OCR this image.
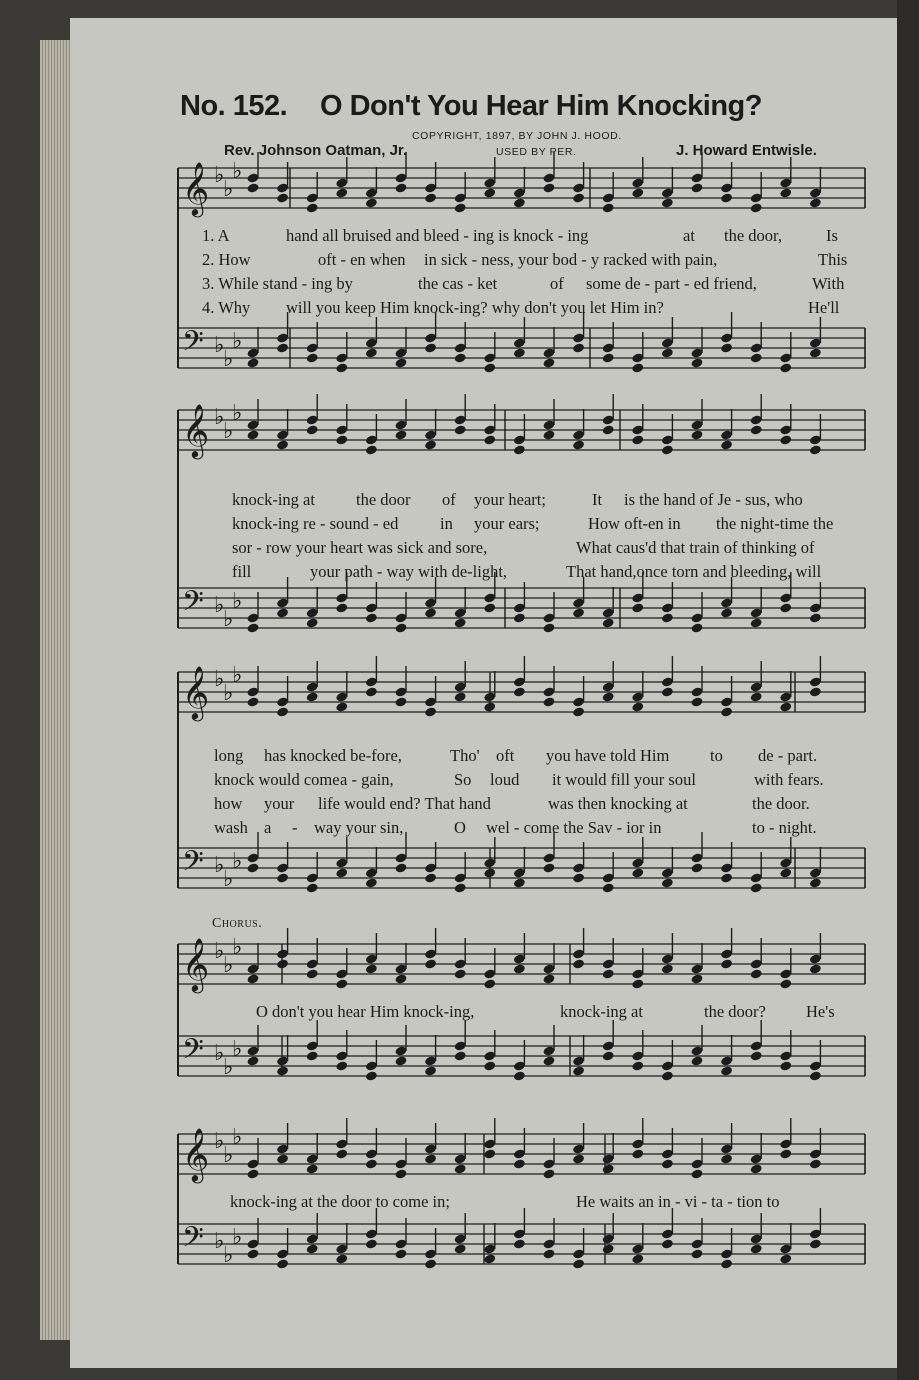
No. 152. O Don't You Hear Him Knocking?
COPYRIGHT, 1897, BY JOHN J. HOOD.
Rev. Johnson Oatman, Jr.	USED BY PER.	J. Howard Entwisle.
𝄞 ♭
♭
♭
𝄢 ♭
♭
♭
𝄞 ♭
♭
♭
𝄢 ♭
♭
♭
𝄞 ♭
♭
♭
𝄢 ♭
♭
♭
𝄞 ♭
♭
♭
𝄢 ♭
♭
♭
𝄞 ♭
♭
♭
𝄢 ♭
♭
♭
1. A	hand all bruised and bleed - ing is knock - ing	at the door,	Is
2. How	oft - en when in sick - ness, your bod - y racked with pain,	This
3. While stand - ing by	the cas - ket	of some de - part - ed friend,	With
4. Why will you keep Him knock-ing? why don't you let Him in?	He'll
knock-ing at the door of your heart;	It is the hand of Je - sus, who
knock-ing re - sound - ed	in your ears;	How oft-en in the night-time the
sor - row your heart was sick and sore,	What caus'd that train of thinking of
fill	your path - way with de-light,	That hand,once torn and bleeding, will
long has knocked be-fore,	Tho' oft you have told Him to de - part.
knock would come a - gain,	So loud it would fill your soul	with fears.
how your life would end? That hand	was then knocking at	the door.
wash a - way your sin,	O wel - come the Sav - ior in	to - night.
Chorus.
O don't you hear Him knock-ing,	knock-ing at	the door? He's
knock-ing at the door to come in;	He waits an in - vi - ta - tion to
